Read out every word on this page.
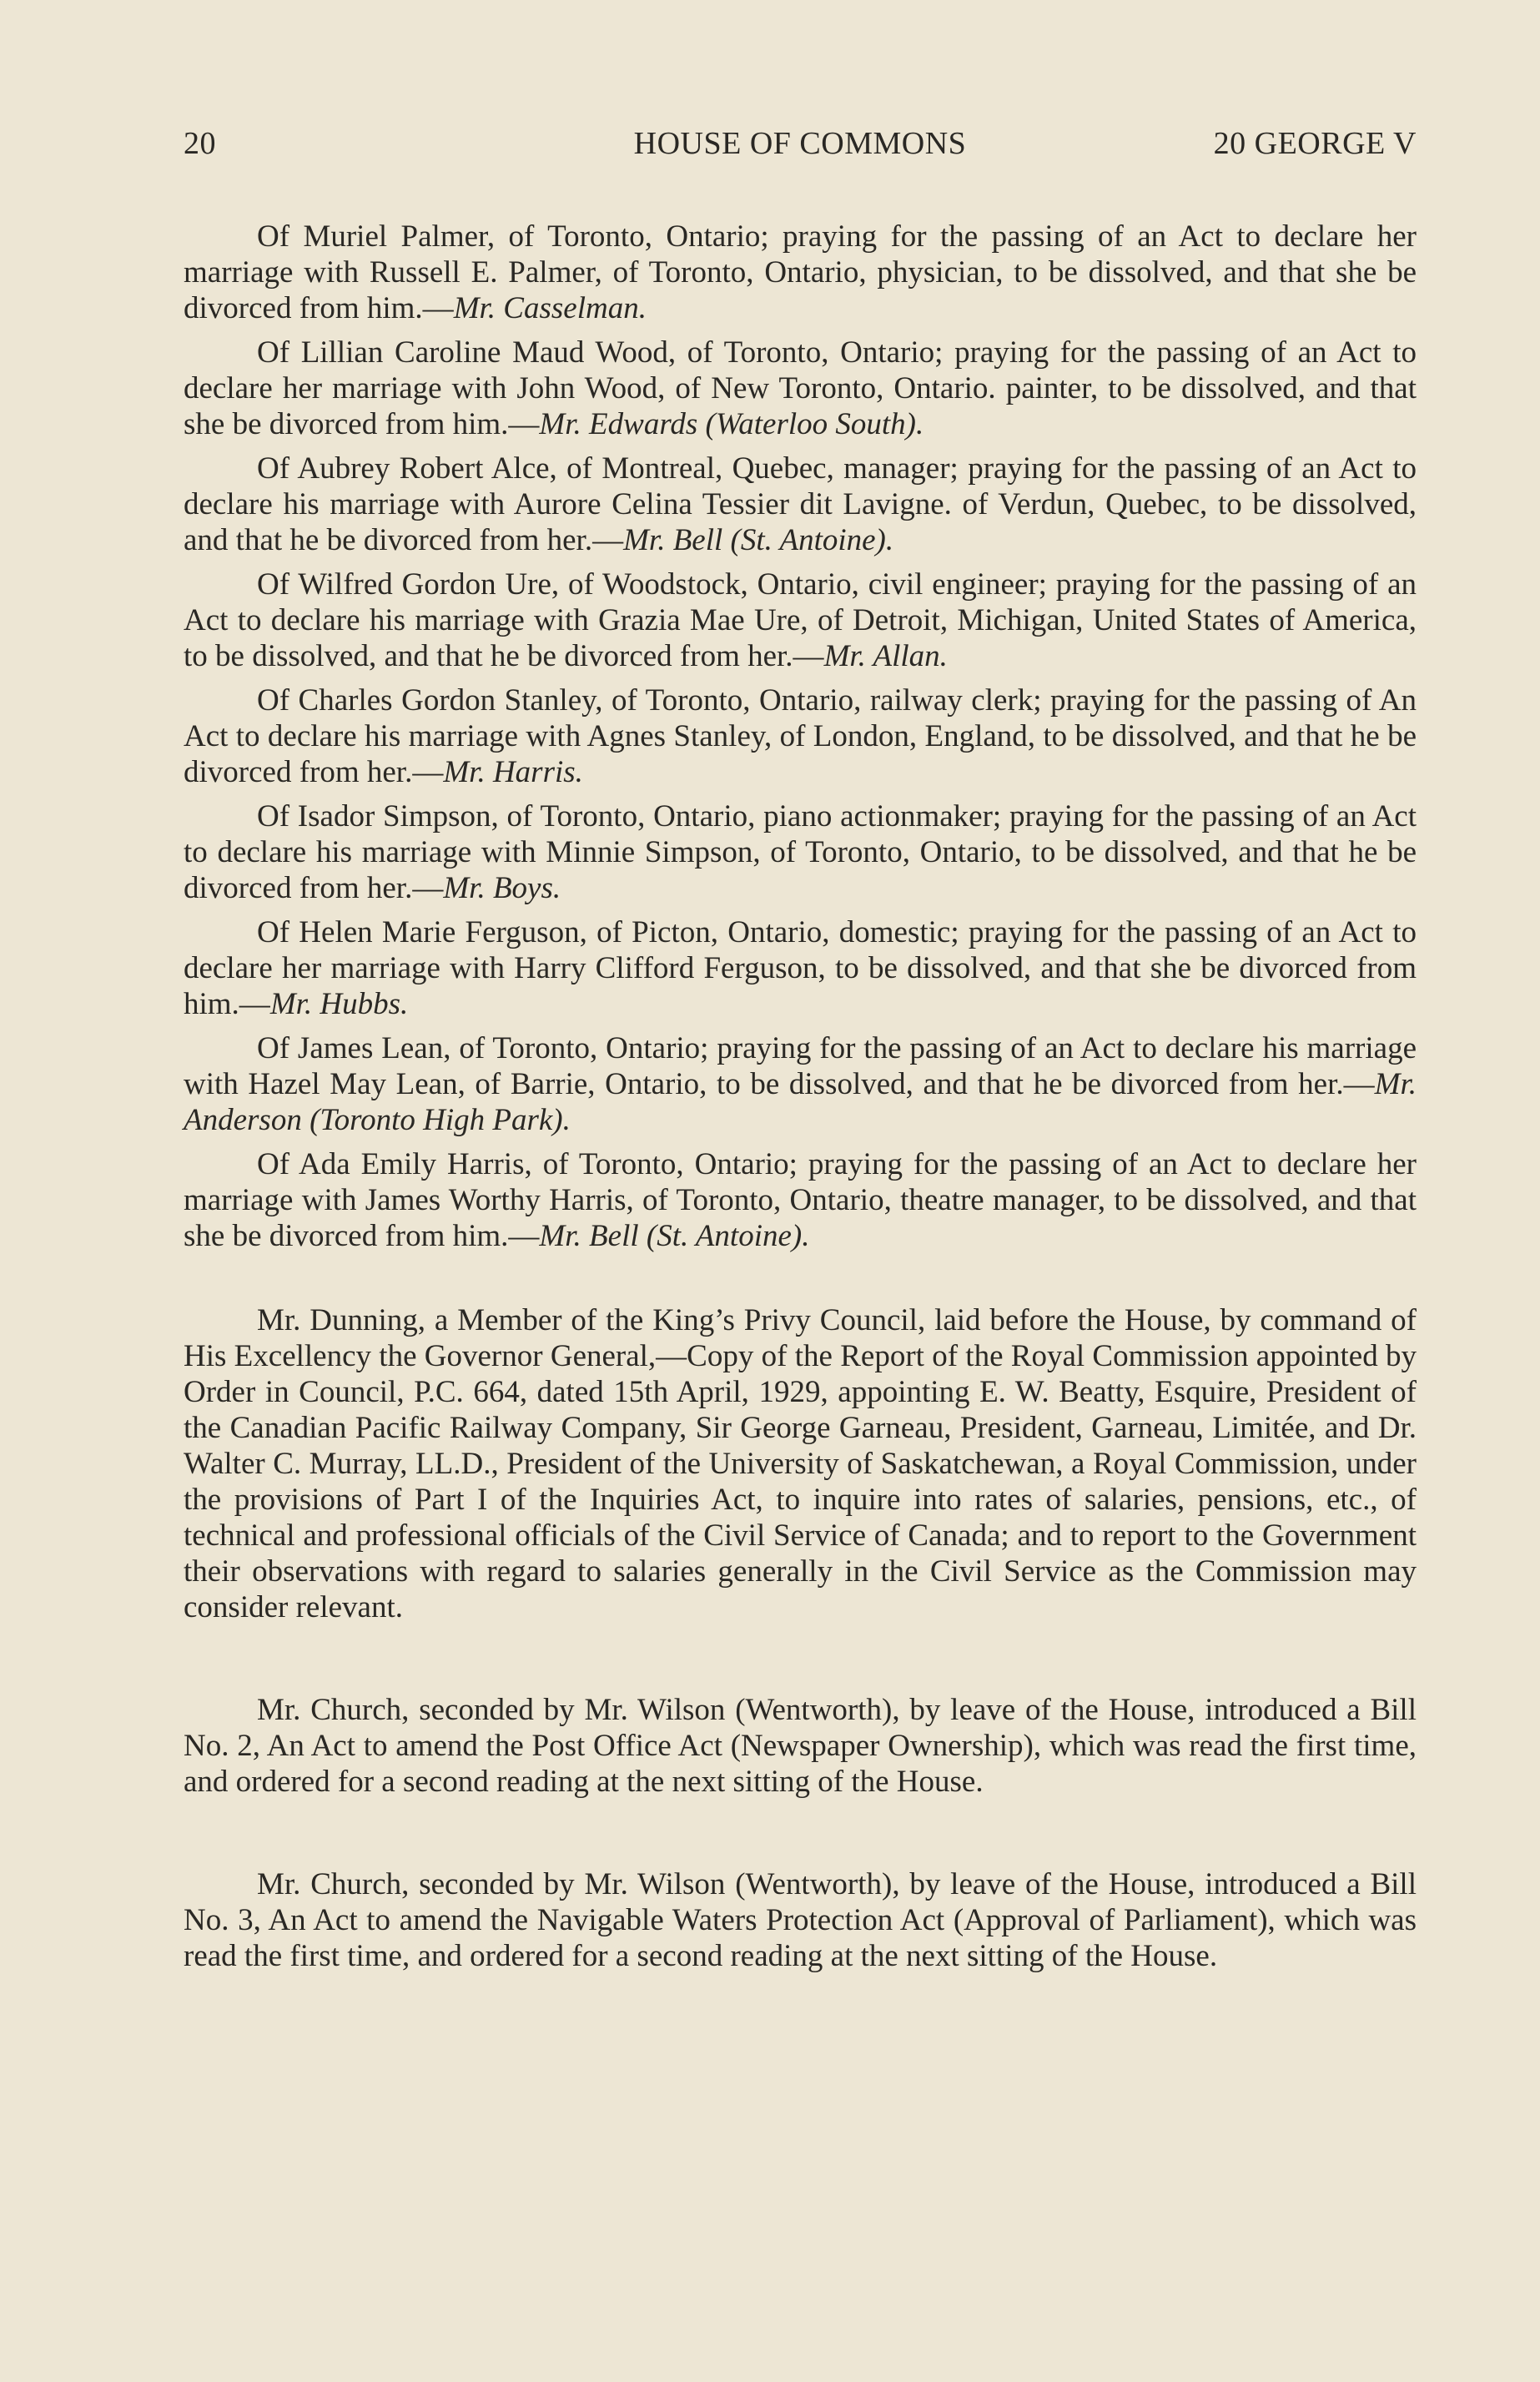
20	HOUSE OF COMMONS	20 GEORGE V

Of Muriel Palmer, of Toronto, Ontario; praying for the passing of an Act to declare her marriage with Russell E. Palmer, of Toronto, Ontario, physician, to be dissolved, and that she be divorced from him.—Mr. Casselman.

Of Lillian Caroline Maud Wood, of Toronto, Ontario; praying for the passing of an Act to declare her marriage with John Wood, of New Toronto, Ontario. painter, to be dissolved, and that she be divorced from him.—Mr. Edwards (Waterloo South).

Of Aubrey Robert Alce, of Montreal, Quebec, manager; praying for the passing of an Act to declare his marriage with Aurore Celina Tessier dit Lavigne. of Verdun, Quebec, to be dissolved, and that he be divorced from her.—Mr. Bell (St. Antoine).

Of Wilfred Gordon Ure, of Woodstock, Ontario, civil engineer; praying for the passing of an Act to declare his marriage with Grazia Mae Ure, of Detroit, Michigan, United States of America, to be dissolved, and that he be divorced from her.—Mr. Allan.

Of Charles Gordon Stanley, of Toronto, Ontario, railway clerk; praying for the passing of An Act to declare his marriage with Agnes Stanley, of London, England, to be dissolved, and that he be divorced from her.—Mr. Harris.

Of Isador Simpson, of Toronto, Ontario, piano actionmaker; praying for the passing of an Act to declare his marriage with Minnie Simpson, of Toronto, Ontario, to be dissolved, and that he be divorced from her.—Mr. Boys.

Of Helen Marie Ferguson, of Picton, Ontario, domestic; praying for the passing of an Act to declare her marriage with Harry Clifford Ferguson, to be dissolved, and that she be divorced from him.—Mr. Hubbs.

Of James Lean, of Toronto, Ontario; praying for the passing of an Act to declare his marriage with Hazel May Lean, of Barrie, Ontario, to be dissolved, and that he be divorced from her.—Mr. Anderson (Toronto High Park).

Of Ada Emily Harris, of Toronto, Ontario; praying for the passing of an Act to declare her marriage with James Worthy Harris, of Toronto, Ontario, theatre manager, to be dissolved, and that she be divorced from him.—Mr. Bell (St. Antoine).

Mr. Dunning, a Member of the King’s Privy Council, laid before the House, by command of His Excellency the Governor General,—Copy of the Report of the Royal Commission appointed by Order in Council, P.C. 664, dated 15th April, 1929, appointing E. W. Beatty, Esquire, President of the Canadian Pacific Railway Company, Sir George Garneau, President, Garneau, Limitée, and Dr. Walter C. Murray, LL.D., President of the University of Saskatchewan, a Royal Commission, under the provisions of Part I of the Inquiries Act, to inquire into rates of salaries, pensions, etc., of technical and professional officials of the Civil Service of Canada; and to report to the Government their observations with regard to salaries generally in the Civil Service as the Commission may consider relevant.

Mr. Church, seconded by Mr. Wilson (Wentworth), by leave of the House, introduced a Bill No. 2, An Act to amend the Post Office Act (Newspaper Ownership), which was read the first time, and ordered for a second reading at the next sitting of the House.

Mr. Church, seconded by Mr. Wilson (Wentworth), by leave of the House, introduced a Bill No. 3, An Act to amend the Navigable Waters Protection Act (Approval of Parliament), which was read the first time, and ordered for a second reading at the next sitting of the House.
